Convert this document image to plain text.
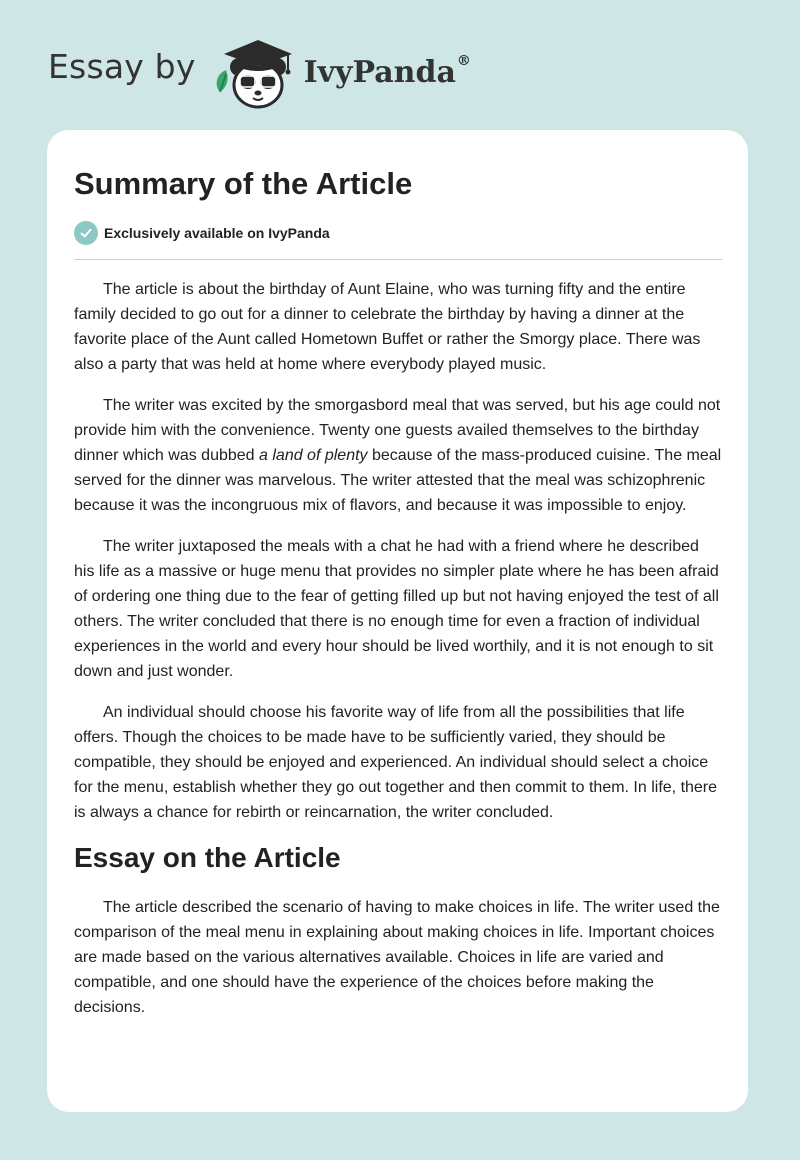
Essay by	IvyPanda®
Summary of the Article
Exclusively available on IvyPanda

The article is about the birthday of Aunt Elaine, who was turning fifty and the entire family decided to go out for a dinner to celebrate the birthday by having a dinner at the favorite place of the Aunt called Hometown Buffet or rather the Smorgy place. There was also a party that was held at home where everybody played music.

The writer was excited by the smorgasbord meal that was served, but his age could not provide him with the convenience. Twenty one guests availed themselves to the birthday dinner which was dubbed a land of plenty because of the mass-produced cuisine. The meal served for the dinner was marvelous. The writer attested that the meal was schizophrenic because it was the incongruous mix of flavors, and because it was impossible to enjoy.

The writer juxtaposed the meals with a chat he had with a friend where he described his life as a massive or huge menu that provides no simpler plate where he has been afraid of ordering one thing due to the fear of getting filled up but not having enjoyed the test of all others. The writer concluded that there is no enough time for even a fraction of individual experiences in the world and every hour should be lived worthily, and it is not enough to sit down and just wonder.

An individual should choose his favorite way of life from all the possibilities that life offers. Though the choices to be made have to be sufficiently varied, they should be compatible, they should be enjoyed and experienced. An individual should select a choice for the menu, establish whether they go out together and then commit to them. In life, there is always a chance for rebirth or reincarnation, the writer concluded.

Essay on the Article

The article described the scenario of having to make choices in life. The writer used the comparison of the meal menu in explaining about making choices in life. Important choices are made based on the various alternatives available. Choices in life are varied and compatible, and one should have the experience of the choices before making the decisions.
